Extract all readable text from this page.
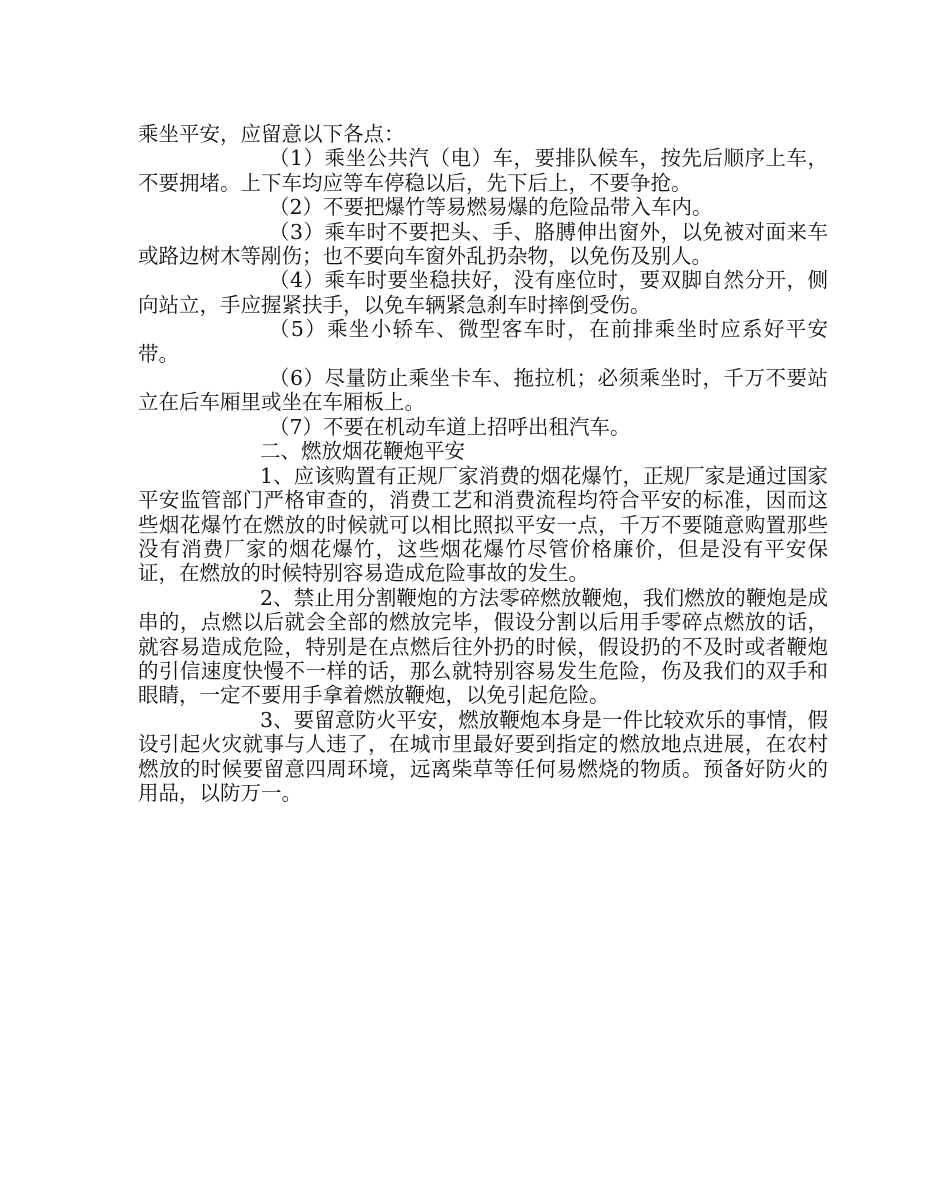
乘坐平安，应留意以下各点：

（1）乘坐公共汽（电）车，要排队候车，按先后顺序上车，不要拥堵。上下车均应等车停稳以后，先下后上，不要争抢。

（2）不要把爆竹等易燃易爆的危险品带入车内。

（3）乘车时不要把头、手、胳膊伸出窗外，以免被对面来车或路边树木等剐伤；也不要向车窗外乱扔杂物，以免伤及别人。

（4）乘车时要坐稳扶好，没有座位时，要双脚自然分开，侧向站立，手应握紧扶手，以免车辆紧急刹车时摔倒受伤。

（5）乘坐小轿车、微型客车时，在前排乘坐时应系好平安带。

（6）尽量防止乘坐卡车、拖拉机；必须乘坐时，千万不要站立在后车厢里或坐在车厢板上。

（7）不要在机动车道上招呼出租汽车。

二、燃放烟花鞭炮平安

1、应该购置有正规厂家消费的烟花爆竹，正规厂家是通过国家平安监管部门严格审查的，消费工艺和消费流程均符合平安的标准，因而这些烟花爆竹在燃放的时候就可以相比照拟平安一点，千万不要随意购置那些没有消费厂家的烟花爆竹，这些烟花爆竹尽管价格廉价，但是没有平安保证，在燃放的时候特别容易造成危险事故的发生。

2、禁止用分割鞭炮的方法零碎燃放鞭炮，我们燃放的鞭炮是成串的，点燃以后就会全部的燃放完毕，假设分割以后用手零碎点燃放的话，就容易造成危险，特别是在点燃后往外扔的时候，假设扔的不及时或者鞭炮的引信速度快慢不一样的话，那么就特别容易发生危险，伤及我们的双手和眼睛，一定不要用手拿着燃放鞭炮，以免引起危险。

3、要留意防火平安，燃放鞭炮本身是一件比较欢乐的事情，假设引起火灾就事与人违了，在城市里最好要到指定的燃放地点进展，在农村燃放的时候要留意四周环境，远离柴草等任何易燃烧的物质。预备好防火的用品，以防万一。
